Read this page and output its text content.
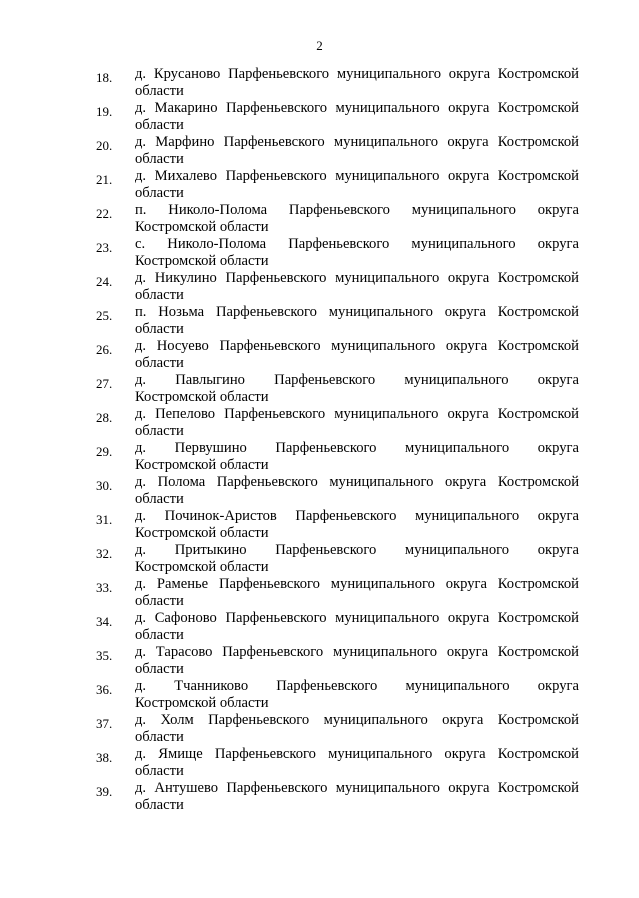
2
18. д. Крусаново Парфеньевского муниципального округа Костромской
области
19. д. Макарино Парфеньевского муниципального округа Костромской
области
20. д. Марфино Парфеньевского муниципального округа Костромской
области
21. д. Михалево Парфеньевского муниципального округа Костромской
области
22. п. Николо-Полома Парфеньевского муниципального округа
Костромской области
23. с. Николо-Полома Парфеньевского муниципального округа
Костромской области
24. д. Никулино Парфеньевского муниципального округа Костромской
области
25. п. Нозьма Парфеньевского муниципального округа Костромской
области
26. д. Носуево Парфеньевского муниципального округа Костромской
области
27. д. Павлыгино Парфеньевского муниципального округа
Костромской области
28. д. Пепелово Парфеньевского муниципального округа Костромской
области
29. д. Первушино Парфеньевского муниципального округа
Костромской области
30. д. Полома Парфеньевского муниципального округа Костромской
области
31. д. Починок-Аристов Парфеньевского муниципального округа
Костромской области
32. д. Притыкино Парфеньевского муниципального округа
Костромской области
33. д. Раменье Парфеньевского муниципального округа Костромской
области
34. д. Сафоново Парфеньевского муниципального округа Костромской
области
35. д. Тарасово Парфеньевского муниципального округа Костромской
области
36. д. Тчанниково Парфеньевского муниципального округа
Костромской области
37. д. Холм Парфеньевского муниципального округа Костромской
области
38. д. Ямище Парфеньевского муниципального округа Костромской
области
39. д. Антушево Парфеньевского муниципального округа Костромской
области
